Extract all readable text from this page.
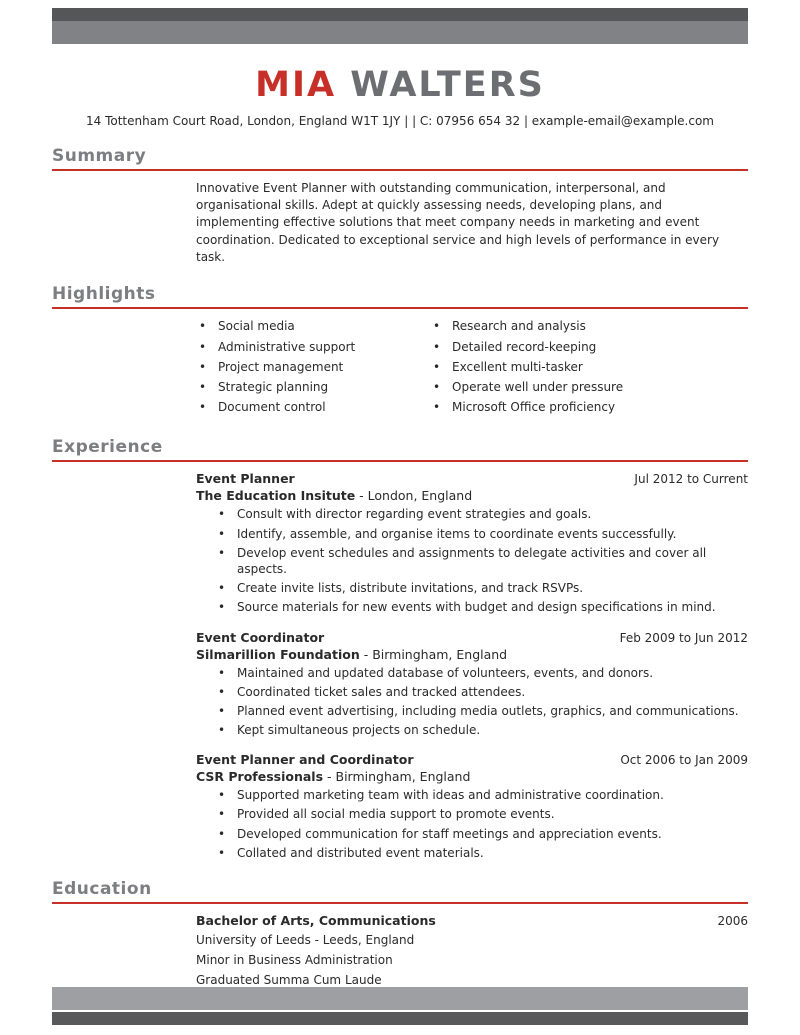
MIA WALTERS
14 Tottenham Court Road, London, England W1T 1JY | | C: 07956 654 32 | example-email@example.com
Summary
Innovative Event Planner with outstanding communication, interpersonal, and organisational skills. Adept at quickly assessing needs, developing plans, and implementing effective solutions that meet company needs in marketing and event coordination. Dedicated to exceptional service and high levels of performance in every task.
Highlights
• Social media
• Administrative support
• Project management
• Strategic planning
• Document control
• Research and analysis
• Detailed record-keeping
• Excellent multi-tasker
• Operate well under pressure
• Microsoft Office proficiency
Experience
Event Planner	Jul 2012 to Current
The Education Insitute - London, England
• Consult with director regarding event strategies and goals.
• Identify, assemble, and organise items to coordinate events successfully.
• Develop event schedules and assignments to delegate activities and cover all aspects.
• Create invite lists, distribute invitations, and track RSVPs.
• Source materials for new events with budget and design specifications in mind.
Event Coordinator	Feb 2009 to Jun 2012
Silmarillion Foundation - Birmingham, England
• Maintained and updated database of volunteers, events, and donors.
• Coordinated ticket sales and tracked attendees.
• Planned event advertising, including media outlets, graphics, and communications.
• Kept simultaneous projects on schedule.
Event Planner and Coordinator	Oct 2006 to Jan 2009
CSR Professionals - Birmingham, England
• Supported marketing team with ideas and administrative coordination.
• Provided all social media support to promote events.
• Developed communication for staff meetings and appreciation events.
• Collated and distributed event materials.
Education
Bachelor of Arts, Communications	2006
University of Leeds - Leeds, England
Minor in Business Administration
Graduated Summa Cum Laude
